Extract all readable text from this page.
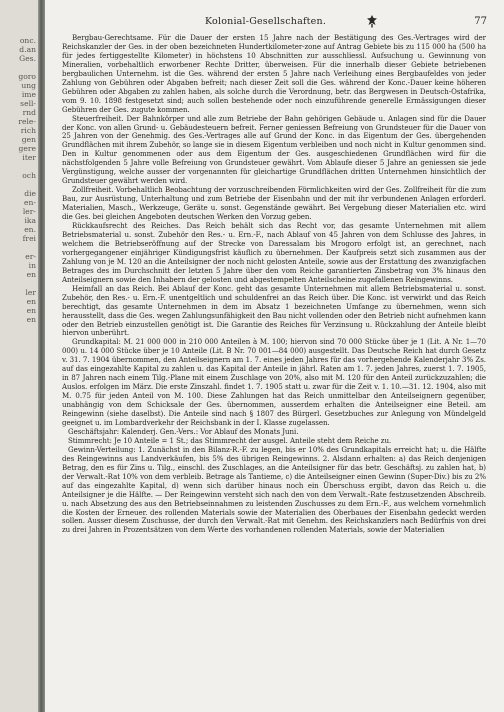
onc.
d.an
Ges.
goro
ung
ime
sell-
rnd
rele-
rich
gen
gere
iter
och
die
en-
ler-
ika
en.
frei
er-
in
en
ler
en
en
en
Kolonial-Gesellschaften.	77

Bergbau-Gerechtsame. Für die Dauer der ersten 15 Jahre nach der Bestätigung des Ges.-Vertrages wird der Reichskanzler der Ges. in der oben bezeichneten Hundertkilometer-zone auf Antrag Gebiete bis zu 115 000 ha (500 ha für jedes fertiggestellte Kilometer) in höchstens 10 Abschnitten zur ausschliessl. Aufsuchung u. Gewinnung von Mineralien, vorbehaltlich erworbener Rechte Dritter, überweisen. Für die innerhalb dieser Gebiete betriebenen bergbaulichen Unternehm. ist die Ges. während der ersten 5 Jahre nach Verleihung eines Bergbaufeldes von jeder Zahlung von Gebühren oder Abgaben befreit; nach dieser Zeit soll die Ges. während der Konc.-Dauer keine höheren Gebühren oder Abgaben zu zahlen haben, als solche durch die Verordnung, betr. das Bergwesen in Deutsch-Ostafrika, vom 9. 10. 1898 festgesetzt sind; auch sollen bestehende oder noch einzuführende generelle Ermässigungen dieser Gebühren der Ges. zugute kommen.

Steuerfreiheit. Der Bahnkörper und alle zum Betriebe der Bahn gehörigen Gebäude u. Anlagen sind für die Dauer der Konc. von allen Grund- u. Gebäudesteuern befreit. Ferner geniessen Befreiung von Grundsteuer für die Dauer von 25 Jahren von der Genehmig. des Ges.-Vertrages alle auf Grund der Konc. in das Eigentum der Ges. übergehenden Grundflächen mit ihrem Zubehör, so lange sie in diesem Eigentum verbleiben und noch nicht in Kultur genommen sind. Den in Kultur genommenen oder aus dem Eigentum der Ges. ausgeschiedenen Grundflächen wird für die nächstfolgenden 5 Jahre volle Befreiung von Grundsteuer gewährt. Vom Ablaufe dieser 5 Jahre an geniessen sie jede Vergünstigung, welche ausser der vorgenannten für gleichartige Grundflächen dritten Unternehmen hinsichtlich der Grundsteuer gewährt werden wird.

Zollfreiheit. Vorbehaltlich Beobachtung der vorzuschreibenden Förmlichkeiten wird der Ges. Zollfreiheit für die zum Bau, zur Ausrüstung, Unterhaltung und zum Betriebe der Eisenbahn und der mit ihr verbundenen Anlagen erforderl. Materialien, Masch., Werkzeuge, Geräte u. sonst. Gegenstände gewährt. Bei Vergebung dieser Materialien etc. wird die Ges. bei gleichen Angeboten deutschen Werken den Vorzug geben.

Rückkaufsrecht des Reiches. Das Reich behält sich das Recht vor, das gesamte Unternehmen mit allem Betriebsmaterial u. sonst. Zubehör den Res.- u. Ern.-F., nach Ablauf von 45 Jahren von dem Schlusse des Jahres, in welchem die Betriebseröffnung auf der Strecke von Daressalam bis Mrogoro erfolgt ist, an gerechnet, nach vorhergegangener einjähriger Kündigungsfrist käuflich zu übernehmen. Der Kaufpreis setzt sich zusammen aus der Zahlung von je M. 120 an die Anteilsigner der noch nicht gelosten Anteile, sowie aus der Erstattung des zwanzigfachen Betrages des im Durchschnitt der letzten 5 Jahre über den vom Reiche garantierten Zinsbetrag von 3% hinaus den Anteilseignern sowie den Inhabern der gelosten und abgestempelten Anteilscheine zugefallenen Reingewinns.

Heimfall an das Reich. Bei Ablauf der Konc. geht das gesamte Unternehmen mit allem Betriebsmaterial u. sonst. Zubehör, den Res.- u. Ern.-F. unentgeltlich und schuldenfrei an das Reich über. Die Konc. ist verwirkt und das Reich berechtigt, das gesamte Unternehmen in dem im Absatz 1 bezeichneten Umfange zu übernehmen, wenn sich herausstellt, dass die Ges. wegen Zahlungsunfähigkeit den Bau nicht vollenden oder den Betrieb nicht aufnehmen kann oder den Betrieb einzustellen genötigt ist. Die Garantie des Reiches für Verzinsung u. Rückzahlung der Anteile bleibt hiervon unberührt.

Grundkapital: M. 21 000 000 in 210 000 Anteilen à M. 100; hiervon sind 70 000 Stücke über je 1 (Lit. A Nr. 1—70 000) u. 14 000 Stücke über je 10 Anteile (Lit. B Nr. 70 001—84 000) ausgestellt. Das Deutsche Reich hat durch Gesetz v. 31. 7. 1904 übernommen, den Anteilseignern am 1. 7. eines jeden Jahres für das vorhergehende Kalenderjahr 3% Zs. auf das eingezahlte Kapital zu zahlen u. das Kapital der Anteile in jährl. Raten am 1. 7. jeden Jahres, zuerst 1. 7. 1905, in 87 Jahren nach einem Tilg.-Plane mit einem Zuschlage von 20%, also mit M. 120 für den Anteil zurückzuzahlen; die Auslos. erfolgen im März. Die erste Zinszahl. findet 1. 7. 1905 statt u. zwar für die Zeit v. 1. 10.—31. 12. 1904, also mit M. 0.75 für jeden Anteil von M. 100. Diese Zahlungen hat das Reich unmittelbar den Anteilseignern gegenüber, unabhängig von dem Schicksale der Ges. übernommen, ausserdem erhalten die Anteilseigner eine Beteil. am Reingewinn (siehe daselbst). Die Anteile sind nach § 1807 des Bürgerl. Gesetzbuches zur Anlegung von Mündelgeld geeignet u. im Lombardverkehr der Reichsbank in der I. Klasse zugelassen.

Geschäftsjahr: Kalenderj. Gen.-Vers.: Vor Ablauf des Monats Juni.

Stimmrecht: Je 10 Anteile = 1 St.; das Stimmrecht der ausgel. Anteile steht dem Reiche zu.

Gewinn-Verteilung: 1. Zunächst in den Bilanz-R.-F. zu legen, bis er 10% des Grundkapitals erreicht hat; u. die Hälfte des Reingewinns aus Landverkäufen, bis 5% des übrigen Reingewinns. 2. Alsdann erhalten: a) das Reich denjenigen Betrag, den es für Zins u. Tilg., einschl. des Zuschlages, an die Anteilsigner für das betr. Geschäftsj. zu zahlen hat, b) der Verwalt.-Rat 10% von dem verbleib. Betrage als Tantieme, c) die Anteilseigner einen Gewinn (Super-Div.) bis zu 2% auf das eingezahlte Kapital, d) wenn sich darüber hinaus noch ein Überschuss ergibt, davon das Reich u. die Anteilsigner je die Hälfte. — Der Reingewinn versteht sich nach den von dem Verwalt.-Rate festzusetzenden Abschreib. u. nach Absetzung des aus den Betriebseinnahmen zu leistenden Zuschusses zu dem Ern.-F., aus welchem vornehmlich die Kosten der Erneuer. des rollenden Materials sowie der Materialien des Oberbaues der Eisenbahn gedeckt werden sollen. Ausser diesem Zuschusse, der durch den Verwalt.-Rat mit Genehm. des Reichskanzlers nach Bedürfnis von drei zu drei Jahren in Prozentsätzen von dem Werte des vorhandenen rollenden Materials, sowie der Materialien
